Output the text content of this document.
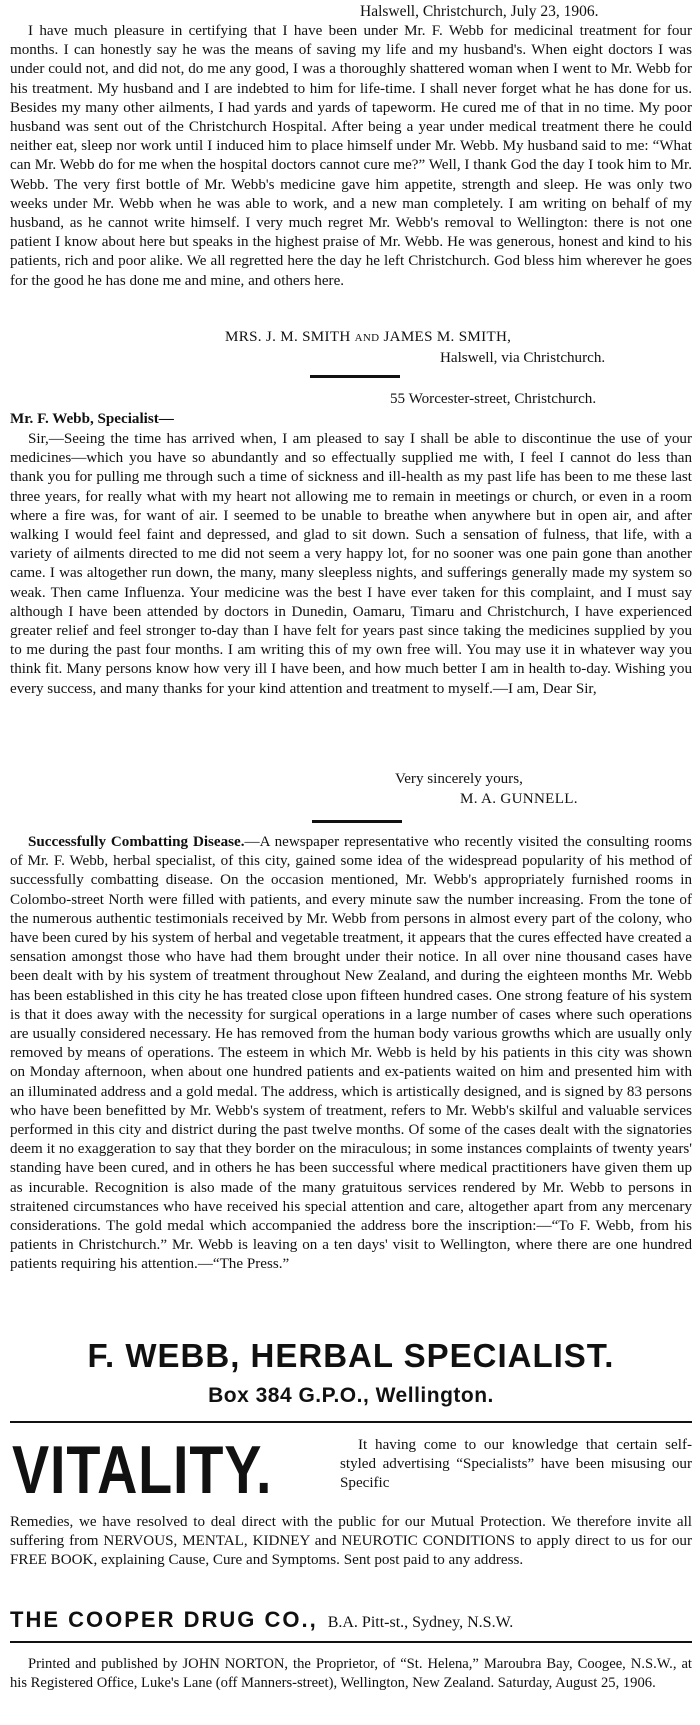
Halswell, Christchurch, July 23, 1906.

I have much pleasure in certifying that I have been under Mr. F. Webb for medicinal treatment for four months. I can honestly say he was the means of saving my life and my husband's. When eight doctors I was under could not, and did not, do me any good, I was a thoroughly shattered woman when I went to Mr. Webb for his treatment. My husband and I are indebted to him for life-time. I shall never forget what he has done for us. Besides my many other ailments, I had yards and yards of tapeworm. He cured me of that in no time. My poor husband was sent out of the Christchurch Hospital. After being a year under medical treatment there he could neither eat, sleep nor work until I induced him to place himself under Mr. Webb. My husband said to me: “What can Mr. Webb do for me when the hospital doctors cannot cure me?” Well, I thank God the day I took him to Mr. Webb. The very first bottle of Mr. Webb's medicine gave him appetite, strength and sleep. He was only two weeks under Mr. Webb when he was able to work, and a new man completely. I am writing on behalf of my husband, as he cannot write himself. I very much regret Mr. Webb's removal to Wellington: there is not one patient I know about here but speaks in the highest praise of Mr. Webb. He was generous, honest and kind to his patients, rich and poor alike. We all regretted here the day he left Christchurch. God bless him wherever he goes for the good he has done me and mine, and others here.

MRS. J. M. SMITH and JAMES M. SMITH,

Halswell, via Christchurch.

55 Worcester-street, Christchurch.

Mr. F. Webb, Specialist—

Sir,—Seeing the time has arrived when, I am pleased to say I shall be able to discontinue the use of your medicines—which you have so abundantly and so effectually supplied me with, I feel I cannot do less than thank you for pulling me through such a time of sickness and ill-health as my past life has been to me these last three years, for really what with my heart not allowing me to remain in meetings or church, or even in a room where a fire was, for want of air. I seemed to be unable to breathe when anywhere but in open air, and after walking I would feel faint and depressed, and glad to sit down. Such a sensation of fulness, that life, with a variety of ailments directed to me did not seem a very happy lot, for no sooner was one pain gone than another came. I was altogether run down, the many, many sleepless nights, and sufferings generally made my system so weak. Then came Influenza. Your medicine was the best I have ever taken for this complaint, and I must say although I have been attended by doctors in Dunedin, Oamaru, Timaru and Christchurch, I have experienced greater relief and feel stronger to-day than I have felt for years past since taking the medicines supplied by you to me during the past four months. I am writing this of my own free will. You may use it in whatever way you think fit. Many persons know how very ill I have been, and how much better I am in health to-day. Wishing you every success, and many thanks for your kind attention and treatment to myself.—I am, Dear Sir,

Very sincerely yours,

M. A. GUNNELL.

Successfully Combatting Disease.—A newspaper representative who recently visited the consulting rooms of Mr. F. Webb, herbal specialist, of this city, gained some idea of the widespread popularity of his method of successfully combatting disease. On the occasion mentioned, Mr. Webb's appropriately furnished rooms in Colombo-street North were filled with patients, and every minute saw the number increasing. From the tone of the numerous authentic testimonials received by Mr. Webb from persons in almost every part of the colony, who have been cured by his system of herbal and vegetable treatment, it appears that the cures effected have created a sensation amongst those who have had them brought under their notice. In all over nine thousand cases have been dealt with by his system of treatment throughout New Zealand, and during the eighteen months Mr. Webb has been established in this city he has treated close upon fifteen hundred cases. One strong feature of his system is that it does away with the necessity for surgical operations in a large number of cases where such operations are usually considered necessary. He has removed from the human body various growths which are usually only removed by means of operations. The esteem in which Mr. Webb is held by his patients in this city was shown on Monday afternoon, when about one hundred patients and ex-patients waited on him and presented him with an illuminated address and a gold medal. The address, which is artistically designed, and is signed by 83 persons who have been benefitted by Mr. Webb's system of treatment, refers to Mr. Webb's skilful and valuable services performed in this city and district during the past twelve months. Of some of the cases dealt with the signatories deem it no exaggeration to say that they border on the miraculous; in some instances complaints of twenty years' standing have been cured, and in others he has been successful where medical practitioners have given them up as incurable. Recognition is also made of the many gratuitous services rendered by Mr. Webb to persons in straitened circumstances who have received his special attention and care, altogether apart from any mercenary considerations. The gold medal which accompanied the address bore the inscription:—“To F. Webb, from his patients in Christchurch.” Mr. Webb is leaving on a ten days' visit to Wellington, where there are one hundred patients requiring his attention.—“The Press.”

F. WEBB, HERBAL SPECIALIST.
Box 384 G.P.O., Wellington.
VITALITY.	It having come to our knowledge that certain self-styled advertising “Specialists” have been misusing our Specific

Remedies, we have resolved to deal direct with the public for our Mutual Protection. We therefore invite all suffering from NERVOUS, MENTAL, KIDNEY and NEUROTIC CONDITIONS to apply direct to us for our FREE BOOK, explaining Cause, Cure and Symptoms. Sent post paid to any address.

THE COOPER DRUG CO., B.A. Pitt-st., Sydney, N.S.W.

Printed and published by JOHN NORTON, the Proprietor, of “St. Helena,” Maroubra Bay, Coogee, N.S.W., at his Registered Office, Luke's Lane (off Manners-street), Wellington, New Zealand. Saturday, August 25, 1906.
